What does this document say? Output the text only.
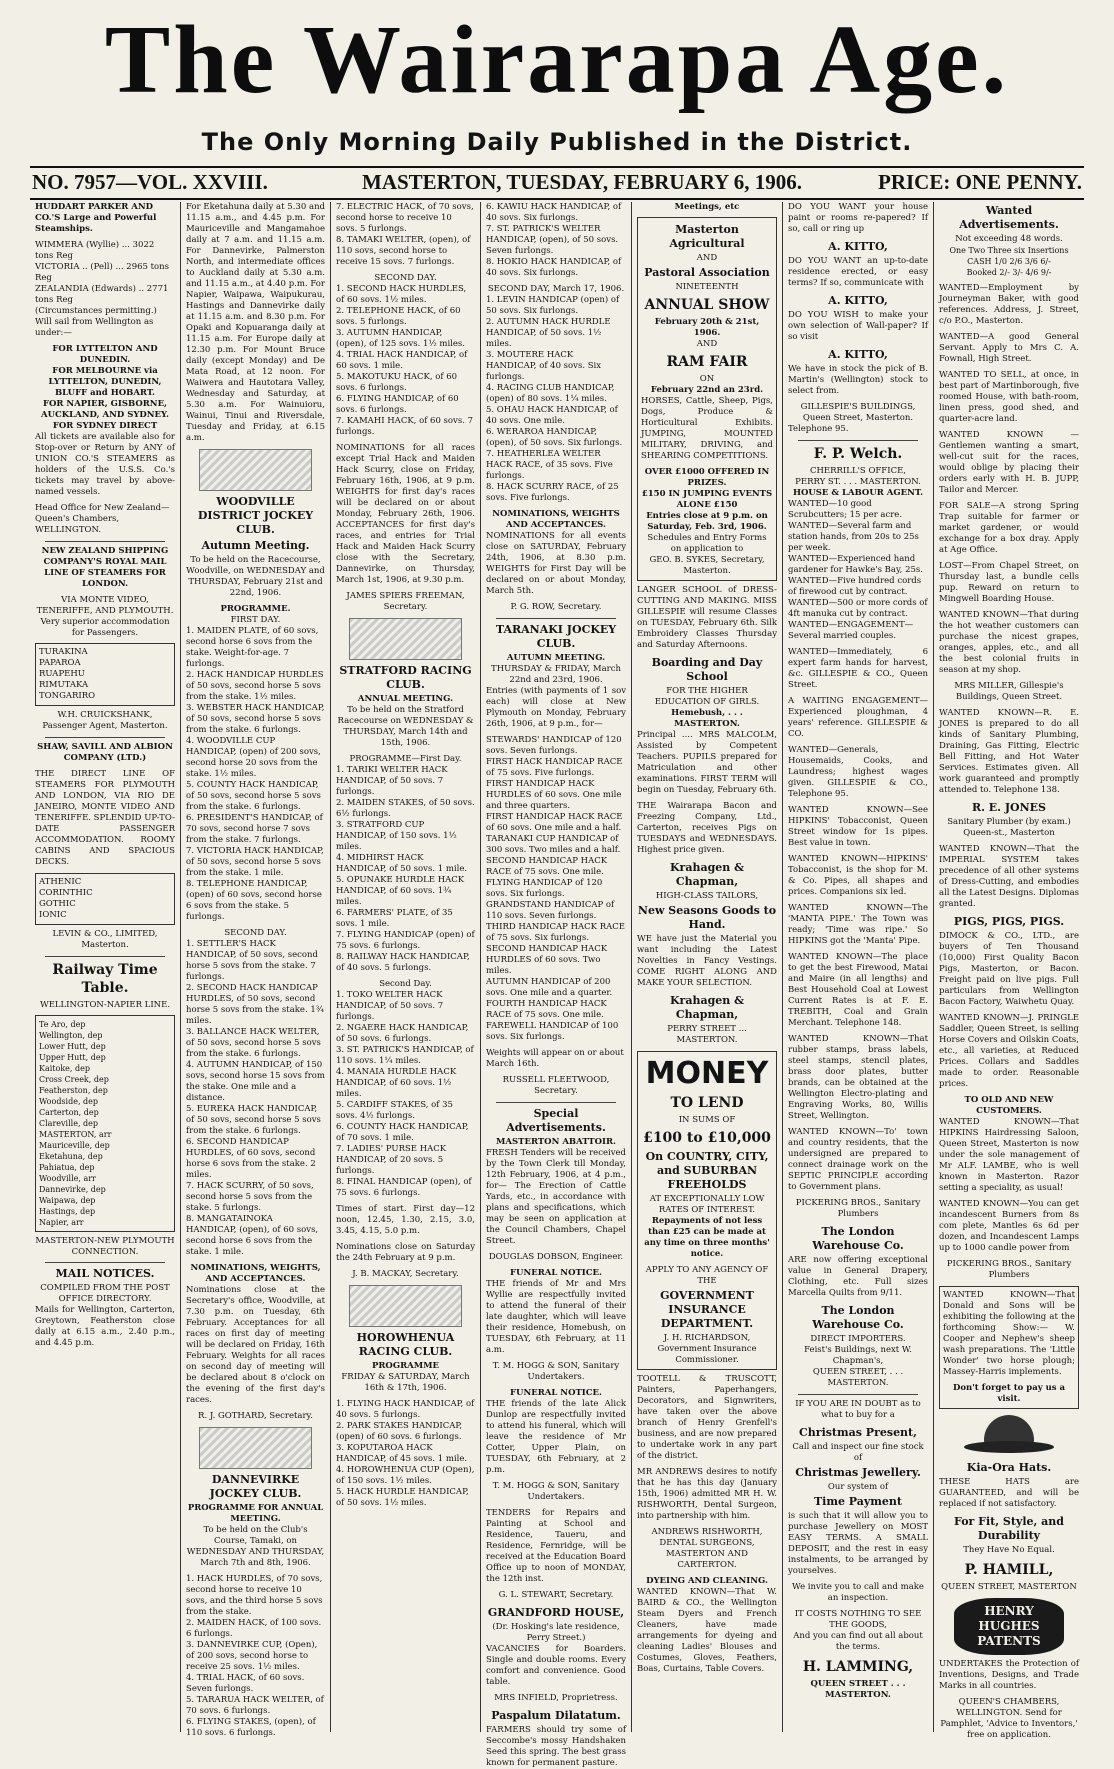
The Wairarapa Age.
The Only Morning Daily Published in the District.
NO. 7957—VOL. XXVIII.	MASTERTON, TUESDAY, FEBRUARY 6, 1906.	PRICE: ONE PENNY.
HUDDART PARKER AND CO.'S Large and Powerful Steamships.
WIMMERA (Wyllie) ... 3022 tons Reg
VICTORIA .. (Pell) ... 2965 tons Reg
ZEALANDIA (Edwards) .. 2771 tons Reg
(Circumstances permitting.)
Will sail from Wellington as under:—
FOR LYTTELTON AND DUNEDIN.
FOR MELBOURNE via LYTTELTON, DUNEDIN, BLUFF and HOBART.
FOR NAPIER, GISBORNE, AUCKLAND, AND SYDNEY.
FOR SYDNEY DIRECT
All tickets are available also for Stop-over or Return by ANY of UNION CO.'S STEAMERS as holders of the U.S.S. Co.'s tickets may travel by above-named vessels.
Head Office for New Zealand—Queen's Chambers, WELLINGTON.
NEW ZEALAND SHIPPING COMPANY'S ROYAL MAIL LINE OF STEAMERS FOR LONDON.
VIA MONTE VIDEO, TENERIFFE, AND PLYMOUTH.
Very superior accommodation for Passengers.
TURAKINA
PAPAROA
RUAPEHU
RIMUTAKA
TONGARIRO
W.H. CRUICKSHANK, Passenger Agent, Masterton.
SHAW, SAVILL AND ALBION COMPANY (LTD.)
THE DIRECT LINE OF STEAMERS FOR PLYMOUTH AND LONDON, VIA RIO DE JANEIRO, MONTE VIDEO AND TENERIFFE. SPLENDID UP-TO-DATE PASSENGER ACCOMMODATION. ROOMY CABINS AND SPACIOUS DECKS.
ATHENIC
CORINTHIC
GOTHIC
IONIC
LEVIN & CO., LIMITED, Masterton.
Railway Time Table.
WELLINGTON-NAPIER LINE.
Te Aro, dep
Wellington, dep
Lower Hutt, dep
Upper Hutt, dep
Kaitoke, dep
Cross Creek, dep
Featherston, dep
Woodside, dep
Carterton, dep
Clareville, dep
MASTERTON, arr
Mauriceville, dep
Eketahuna, dep
Pahiatua, dep
Woodville, arr
Dannevirke, dep
Waipawa, dep
Hastings, dep
Napier, arr
MASTERTON-NEW PLYMOUTH CONNECTION.
MAIL NOTICES.
COMPILED FROM THE POST OFFICE DIRECTORY.
Mails for Wellington, Carterton, Greytown, Featherston close daily at 6.15 a.m., 2.40 p.m., and 4.45 p.m.
For Eketahuna daily at 5.30 and 11.15 a.m., and 4.45 p.m. For Mauriceville and Mangamahoe daily at 7 a.m. and 11.15 a.m. For Dannevirke, Palmerston North, and intermediate offices to Auckland daily at 5.30 a.m. and 11.15 a.m., at 4.40 p.m. For Napier, Waipawa, Waipukurau, Hastings and Dannevirke daily at 11.15 a.m. and 8.30 p.m. For Opaki and Kopuaranga daily at 11.15 a.m. For Europe daily at 12.30 p.m. For Mount Bruce daily (except Monday) and De Mata Road, at 12 noon. For Waiwera and Hautotara Valley, Wednesday and Saturday, at 5.30 a.m. For Wainuioru, Wainui, Tinui and Riversdale, Tuesday and Friday, at 6.15 a.m.
WOODVILLE DISTRICT JOCKEY CLUB.
Autumn Meeting.
To be held on the Racecourse, Woodville, on WEDNESDAY and THURSDAY, February 21st and 22nd, 1906.
PROGRAMME.
FIRST DAY.
1. MAIDEN PLATE, of 60 sovs, second horse 6 sovs from the stake. Weight-for-age. 7 furlongs.
2. HACK HANDICAP HURDLES of 50 sovs, second horse 5 sovs from the stake. 1½ miles.
3. WEBSTER HACK HANDICAP, of 50 sovs, second horse 5 sovs from the stake. 6 furlongs.
4. WOODVILLE CUP HANDICAP, (open) of 200 sovs, second horse 20 sovs from the stake. 1½ miles.
5. COUNTY HACK HANDICAP, of 50 sovs, second horse 5 sovs from the stake. 6 furlongs.
6. PRESIDENT'S HANDICAP, of 70 sovs, second horse 7 sovs from the stake. 7 furlongs.
7. VICTORIA HACK HANDICAP, of 50 sovs, second horse 5 sovs from the stake. 1 mile.
8. TELEPHONE HANDICAP, (open) of 60 sovs, second horse 6 sovs from the stake. 5 furlongs.
SECOND DAY.
1. SETTLER'S HACK HANDICAP, of 50 sovs, second horse 5 sovs from the stake. 7 furlongs.
2. SECOND HACK HANDICAP HURDLES, of 50 sovs, second horse 5 sovs from the stake. 1¾ miles.
3. BALLANCE HACK WELTER, of 50 sovs, second horse 5 sovs from the stake. 6 furlongs.
4. AUTUMN HANDICAP, of 150 sovs, second horse 15 sovs from the stake. One mile and a distance.
5. EUREKA HACK HANDICAP, of 50 sovs, second horse 5 sovs from the stake. 6 furlongs.
6. SECOND HANDICAP HURDLES, of 60 sovs, second horse 6 sovs from the stake. 2 miles.
7. HACK SCURRY, of 50 sovs, second horse 5 sovs from the stake. 5 furlongs.
8. MANGATAINOKA HANDICAP, (open), of 60 sovs, second horse 6 sovs from the stake. 1 mile.
NOMINATIONS, WEIGHTS, AND ACCEPTANCES.
Nominations close at the Secretary's office, Woodville, at 7.30 p.m. on Tuesday, 6th February. Acceptances for all races on first day of meeting will be declared on Friday, 16th February. Weights for all races on second day of meeting will be declared about 8 o'clock on the evening of the first day's races.
R. J. GOTHARD, Secretary.
DANNEVIRKE JOCKEY CLUB.
PROGRAMME FOR ANNUAL MEETING.
To be held on the Club's Course, Tamaki, on WEDNESDAY AND THURSDAY, March 7th and 8th, 1906.
1. HACK HURDLES, of 70 sovs, second horse to receive 10 sovs, and the third horse 5 sovs from the stake.
2. MAIDEN HACK, of 100 sovs. 6 furlongs.
3. DANNEVIRKE CUP, (Open), of 200 sovs, second horse to receive 25 sovs. 1½ miles.
4. TRIAL HACK, of 60 sovs. Seven furlongs.
5. TARARUA HACK WELTER, of 70 sovs. 6 furlongs.
6. FLYING STAKES, (open), of 110 sovs. 6 furlongs.
7. ELECTRIC HACK, of 70 sovs, second horse to receive 10 sovs. 5 furlongs.
8. TAMAKI WELTER, (open), of 110 sovs, second horse to receive 15 sovs. 7 furlongs.
SECOND DAY.
1. SECOND HACK HURDLES, of 60 sovs. 1½ miles.
2. TELEPHONE HACK, of 60 sovs. 5 furlongs.
3. AUTUMN HANDICAP, (open), of 125 sovs. 1½ miles.
4. TRIAL HACK HANDICAP, of 60 sovs. 1 mile.
5. MAKOTUKU HACK, of 60 sovs. 6 furlongs.
6. FLYING HANDICAP, of 60 sovs. 6 furlongs.
7. KAMAHI HACK, of 60 sovs. 7 furlongs.
NOMINATIONS for all races except Trial Hack and Maiden Hack Scurry, close on Friday, February 16th, 1906, at 9 p.m. WEIGHTS for first day's races will be declared on or about Monday, February 26th, 1906. ACCEPTANCES for first day's races, and entries for Trial Hack and Maiden Hack Scurry close with the Secretary, Dannevirke, on Thursday, March 1st, 1906, at 9.30 p.m.
JAMES SPIERS FREEMAN, Secretary.
STRATFORD RACING CLUB.
ANNUAL MEETING.
To be held on the Stratford Racecourse on WEDNESDAY & THURSDAY, March 14th and 15th, 1906.
PROGRAMME—First Day.
1. TARIKI WELTER HACK HANDICAP, of 50 sovs. 7 furlongs.
2. MAIDEN STAKES, of 50 sovs. 6½ furlongs.
3. STRATFORD CUP HANDICAP, of 150 sovs. 1½ miles.
4. MIDHIRST HACK HANDICAP, of 50 sovs. 1 mile.
5. OPUNAKE HURDLE HACK HANDICAP, of 60 sovs. 1¾ miles.
6. FARMERS' PLATE, of 35 sovs. 1 mile.
7. FLYING HANDICAP (open) of 75 sovs. 6 furlongs.
8. RAILWAY HACK HANDICAP, of 40 sovs. 5 furlongs.
Second Day.
1. TOKO WELTER HACK HANDICAP, of 50 sovs. 7 furlongs.
2. NGAERE HACK HANDICAP, of 50 sovs. 6 furlongs.
3. ST. PATRICK'S HANDICAP, of 110 sovs. 1¼ miles.
4. MANAIA HURDLE HACK HANDICAP, of 60 sovs. 1½ miles.
5. CARDIFF STAKES, of 35 sovs. 4½ furlongs.
6. COUNTY HACK HANDICAP, of 70 sovs. 1 mile.
7. LADIES' PURSE HACK HANDICAP, of 20 sovs. 5 furlongs.
8. FINAL HANDICAP (open), of 75 sovs. 6 furlongs.
Times of start. First day—12 noon, 12.45, 1.30, 2.15, 3.0, 3.45, 4.15, 5.0 p.m.
Nominations close on Saturday the 24th February at 9 p.m.
J. B. MACKAY, Secretary.
HOROWHENUA RACING CLUB.
PROGRAMME
FRIDAY & SATURDAY, March 16th & 17th, 1906.
1. FLYING HACK HANDICAP, of 40 sovs. 5 furlongs.
2. PARK STAKES HANDICAP, (open) of 60 sovs. 6 furlongs.
3. KOPUTAROA HACK HANDICAP, of 45 sovs. 1 mile.
4. HOROWHENUA CUP (Open), of 150 sovs. 1½ miles.
5. HACK HURDLE HANDICAP, of 50 sovs. 1½ miles.
6. KAWIU HACK HANDICAP, of 40 sovs. Six furlongs.
7. ST. PATRICK'S WELTER HANDICAP, (open), of 50 sovs. Seven furlongs.
8. HOKIO HACK HANDICAP, of 40 sovs. Six furlongs.
SECOND DAY, March 17, 1906.
1. LEVIN HANDICAP (open) of 50 sovs. Six furlongs.
2. AUTUMN HACK HURDLE HANDICAP, of 50 sovs. 1½ miles.
3. MOUTERE HACK HANDICAP, of 40 sovs. Six furlongs.
4. RACING CLUB HANDICAP, (open) of 80 sovs. 1¼ miles.
5. OHAU HACK HANDICAP, of 40 sovs. One mile.
6. WERAROA HANDICAP, (open), of 50 sovs. Six furlongs.
7. HEATHERLEA WELTER HACK RACE, of 35 sovs. Five furlongs.
8. HACK SCURRY RACE, of 25 sovs. Five furlongs.
NOMINATIONS, WEIGHTS AND ACCEPTANCES.
NOMINATIONS for all events close on SATURDAY, February 24th, 1906, at 8.30 p.m. WEIGHTS for First Day will be declared on or about Monday, March 5th.
P. G. ROW, Secretary.
TARANAKI JOCKEY CLUB.
AUTUMN MEETING.
THURSDAY & FRIDAY, March 22nd and 23rd, 1906.
Entries (with payments of 1 sov each) will close at New Plymouth on Monday, February 26th, 1906, at 9 p.m., for—
STEWARDS' HANDICAP of 120 sovs. Seven furlongs.
FIRST HACK HANDICAP RACE of 75 sovs. Five furlongs.
FIRST HANDICAP HACK HURDLES of 60 sovs. One mile and three quarters.
FIRST HANDICAP HACK RACE of 60 sovs. One mile and a half.
TARANAKI CUP HANDICAP of 300 sovs. Two miles and a half.
SECOND HANDICAP HACK RACE of 75 sovs. One mile.
FLYING HANDICAP of 120 sovs. Six furlongs.
GRANDSTAND HANDICAP of 110 sovs. Seven furlongs.
THIRD HANDICAP HACK RACE of 75 sovs. Six furlongs.
SECOND HANDICAP HACK HURDLES of 60 sovs. Two miles.
AUTUMN HANDICAP of 200 sovs. One mile and a quarter.
FOURTH HANDICAP HACK RACE of 75 sovs. One mile.
FAREWELL HANDICAP of 100 sovs. Six furlongs.
Weights will appear on or about March 16th.
RUSSELL FLEETWOOD, Secretary.
Special Advertisements.
MASTERTON ABATTOIR.
FRESH Tenders will be received by the Town Clerk till Monday, 12th February, 1906, at 4 p.m., for— The Erection of Cattle Yards, etc., in accordance with plans and specifications, which may be seen on application at the Council Chambers, Chapel Street.
DOUGLAS DOBSON, Engineer.
FUNERAL NOTICE.
THE friends of Mr and Mrs Wyllie are respectfully invited to attend the funeral of their late daughter, which will leave their residence, Homebush, on TUESDAY, 6th February, at 11 a.m.
T. M. HOGG & SON, Sanitary Undertakers.
FUNERAL NOTICE.
THE friends of the late Alick Dunlop are respectfully invited to attend his funeral, which will leave the residence of Mr Cotter, Upper Plain, on TUESDAY, 6th February, at 2 p.m.
T. M. HOGG & SON, Sanitary Undertakers.
TENDERS for Repairs and Painting at School and Residence, Taueru, and Residence, Fernridge, will be received at the Education Board Office up to noon of MONDAY, the 12th inst.
G. L. STEWART, Secretary.
GRANDFORD HOUSE,
(Dr. Hosking's late residence, Perry Street.)
VACANCIES for Boarders. Single and double rooms. Every comfort and convenience. Good table.
MRS INFIELD, Proprietress.
Paspalum Dilatatum.
FARMERS should try some of Seccombe's mossy Handshaken Seed this spring. The best grass known for permanent pasture.
Meetings, etc
Masterton Agricultural
AND
Pastoral Association
NINETEENTH
ANNUAL SHOW
February 20th & 21st, 1906.
AND
RAM FAIR
ON
February 22nd an 23rd.
HORSES, Cattle, Sheep, Pigs, Dogs, Produce & Horticultural Exhibits. JUMPING, MOUNTED MILITARY, DRIVING, and SHEARING COMPETITIONS.
OVER £1000 OFFERED IN PRIZES.
£150 IN JUMPING EVENTS ALONE £150
Entries close at 9 p.m. on Saturday, Feb. 3rd, 1906.
Schedules and Entry Forms on application to
GEO. B. SYKES, Secretary, Masterton.
LANGER SCHOOL of DRESS-CUTTING AND MAKING. MISS GILLESPIE will resume Classes on TUESDAY, February 6th. Silk Embroidery Classes Thursday and Saturday Afternoons.
Boarding and Day School
FOR THE HIGHER EDUCATION OF GIRLS.
Hemebush, . . . MASTERTON.
Principal .... MRS MALCOLM, Assisted by Competent Teachers. PUPILS prepared for Matriculation and other examinations. FIRST TERM will begin on Tuesday, February 6th.
THE Wairarapa Bacon and Freezing Company, Ltd., Carterton, receives Pigs on TUESDAYS and WEDNESDAYS. Highest price given.
Krahagen & Chapman,
HIGH-CLASS TAILORS,
New Seasons Goods to Hand.
WE have just the Material you want including the Latest Novelties in Fancy Vestings. COME RIGHT ALONG AND MAKE YOUR SELECTION.
Krahagen & Chapman,
PERRY STREET ... MASTERTON.
MONEY
TO LEND
IN SUMS OF
£100 to £10,000
On COUNTRY, CITY, and SUBURBAN FREEHOLDS
AT EXCEPTIONALLY LOW RATES OF INTEREST.
Repayments of not less than £25 can be made at any time on three months' notice.
APPLY TO ANY AGENCY OF THE
GOVERNMENT INSURANCE DEPARTMENT.
J. H. RICHARDSON, Government Insurance Commissioner.
TOOTELL & TRUSCOTT, Painters, Paperhangers, Decorators, and Signwriters, have taken over the above branch of Henry Grenfell's business, and are now prepared to undertake work in any part of the district.
MR ANDREWS desires to notify that he has this day (January 15th, 1906) admitted MR H. W. RISHWORTH, Dental Surgeon, into partnership with him.
ANDREWS RISHWORTH, DENTAL SURGEONS, MASTERTON AND CARTERTON.
DYEING AND CLEANING.
WANTED KNOWN—That W. BAIRD & CO., the Wellington Steam Dyers and French Cleaners, have made arrangements for dyeing and cleaning Ladies' Blouses and Costumes, Gloves, Feathers, Boas, Curtains, Table Covers.
DO YOU WANT your house paint or rooms re-papered? If so, call or ring up
A. KITTO,
DO YOU WANT an up-to-date residence erected, or easy terms? If so, communicate with
A. KITTO,
DO YOU WISH to make your own selection of Wall-paper? If so visit
A. KITTO,
We have in stock the pick of B. Martin's (Wellington) stock to select from.
GILLESPIE'S BUILDINGS, Queen Street, Masterton.
Telephone 95.
F. P. Welch.
CHERRILL'S OFFICE,
PERRY ST. . . . MASTERTON.
HOUSE & LABOUR AGENT.
WANTED—10 good Scrubcutters; 15 per acre.
WANTED—Several farm and station hands, from 20s to 25s per week.
WANTED—Experienced hand gardener for Hawke's Bay, 25s.
WANTED—Five hundred cords of firewood cut by contract.
WANTED—500 or more cords of 4ft manuka cut by contract.
WANTED—ENGAGEMENT—Several married couples.
WANTED—Immediately, 6 expert farm hands for harvest, &c. GILLESPIE & CO., Queen Street.
A WAITING ENGAGEMENT—Experienced ploughman, 4 years' reference. GILLESPIE & CO.
WANTED—Generals, Housemaids, Cooks, and Laundress; highest wages given. GILLESPIE & CO., Telephone 95.
WANTED KNOWN—See HIPKINS' Tobacconist, Queen Street window for 1s pipes. Best value in town.
WANTED KNOWN—HIPKINS' Tobacconist, is the shop for M. & Co. Pipes, all shapes and prices. Companions six led.
WANTED KNOWN—The 'MANTA PIPE.' The Town was ready; 'Time was ripe.' So HIPKINS got the 'Manta' Pipe.
WANTED KNOWN—The place to get the best Firewood, Matai and Maire (in all lengths) and Best Household Coal at Lowest Current Rates is at F. E. TREBITH, Coal and Grain Merchant. Telephone 148.
WANTED KNOWN—That rubber stamps, brass labels, steel stamps, stencil plates, brass door plates, butter brands, can be obtained at the Wellington Electro-plating and Engraving Works, 80, Willis Street, Wellington.
WANTED KNOWN—To' town and country residents, that the undersigned are prepared to connect drainage work on the SEPTIC PRINCIPLE according to Government plans.
PICKERING BROS., Sanitary Plumbers
The London Warehouse Co.
ARE now offering exceptional value in General Drapery, Clothing, etc. Full sizes Marcella Quilts from 9/11.
The London Warehouse Co.
DIRECT IMPORTERS.
Feist's Buildings, next W. Chapman's,
QUEEN STREET, . . . MASTERTON.
IF YOU ARE IN DOUBT as to what to buy for a
Christmas Present,
Call and inspect our fine stock of
Christmas Jewellery.
Our system of
Time Payment
is such that it will allow you to purchase Jewellery on MOST EASY TERMS. A SMALL DEPOSIT, and the rest in easy instalments, to be arranged by yourselves.
We invite you to call and make an inspection.
IT COSTS NOTHING TO SEE THE GOODS,
And you can find out all about the terms.
H. LAMMING,
QUEEN STREET . . . MASTERTON.
Wanted Advertisements.
Not exceeding 48 words.
One Two Three six Insertions
CASH 1/0 2/6 3/6 6/-
Booked 2/- 3/- 4/6 9/-
WANTED—Employment by Journeyman Baker, with good references. Address, J. Street, c/o P.O., Masterton.
WANTED—A good General Servant. Apply to Mrs C. A. Fownall, High Street.
WANTED TO SELL, at once, in best part of Martinborough, five roomed House, with bath-room, linen press, good shed, and quarter-acre land.
WANTED KNOWN — Gentlemen wanting a smart, well-cut suit for the races, would oblige by placing their orders early with H. B. JUPP, Tailor and Mercer.
FOR SALE—A strong Spring Trap suitable for farmer or market gardener, or would exchange for a box dray. Apply at Age Office.
LOST—From Chapel Street, on Thursday last, a bundle cells pup. Reward on return to Mingwell Boarding House.
WANTED KNOWN—That during the hot weather customers can purchase the nicest grapes, oranges, apples, etc., and all the best colonial fruits in season at my shop.
MRS MILLER, Gillespie's Buildings, Queen Street.
WANTED KNOWN—R. E. JONES is prepared to do all kinds of Sanitary Plumbing, Draining, Gas Fitting, Electric Bell Fitting, and Hot Water Services. Estimates given. All work guaranteed and promptly attended to. Telephone 138.
R. E. JONES
Sanitary Plumber (by exam.) Queen-st., Masterton
WANTED KNOWN—That the IMPERIAL SYSTEM takes precedence of all other systems of Dress-Cutting, and embodies all the Latest Designs. Diplomas granted.
PIGS, PIGS, PIGS.
DIMOCK & CO., LTD., are buyers of Ten Thousand (10,000) First Quality Bacon Pigs, Masterton, or Bacon. Freight paid on live pigs. Full particulars from Wellington Bacon Factory, Waiwhetu Quay.
WANTED KNOWN—J. PRINGLE Saddler, Queen Street, is selling Horse Covers and Oilskin Coats, etc., all varieties, at Reduced Prices. Collars and Saddles made to order. Reasonable prices.
TO OLD AND NEW CUSTOMERS.
WANTED KNOWN—That HIPKINS Hairdressing Saloon, Queen Street, Masterton is now under the sole management of Mr ALF. LAMBE, who is well known in Masterton. Razor setting a speciality, as usual!
WANTED KNOWN—You can get incandescent Burners from 8s com plete, Mantles 6s 6d per dozen, and Incandescent Lamps up to 1000 candle power from
PICKERING BROS., Sanitary Plumbers
WANTED KNOWN—That Donald and Sons will be exhibiting the following at the forthcoming Show:— W. Cooper and Nephew's sheep wash preparations. The 'Little Wonder' two horse plough; Massey-Harris implements.
Don't forget to pay us a visit.
Kia-Ora Hats.
THESE HATS are GUARANTEED, and will be replaced if not satisfactory.
For Fit, Style, and Durability
They Have No Equal.
P. HAMILL,
QUEEN STREET, MASTERTON
HENRY HUGHES PATENTS
UNDERTAKES the Protection of Inventions, Designs, and Trade Marks in all countries.
QUEEN'S CHAMBERS, WELLINGTON. Send for Pamphlet, 'Advice to Inventors,' free on application.
